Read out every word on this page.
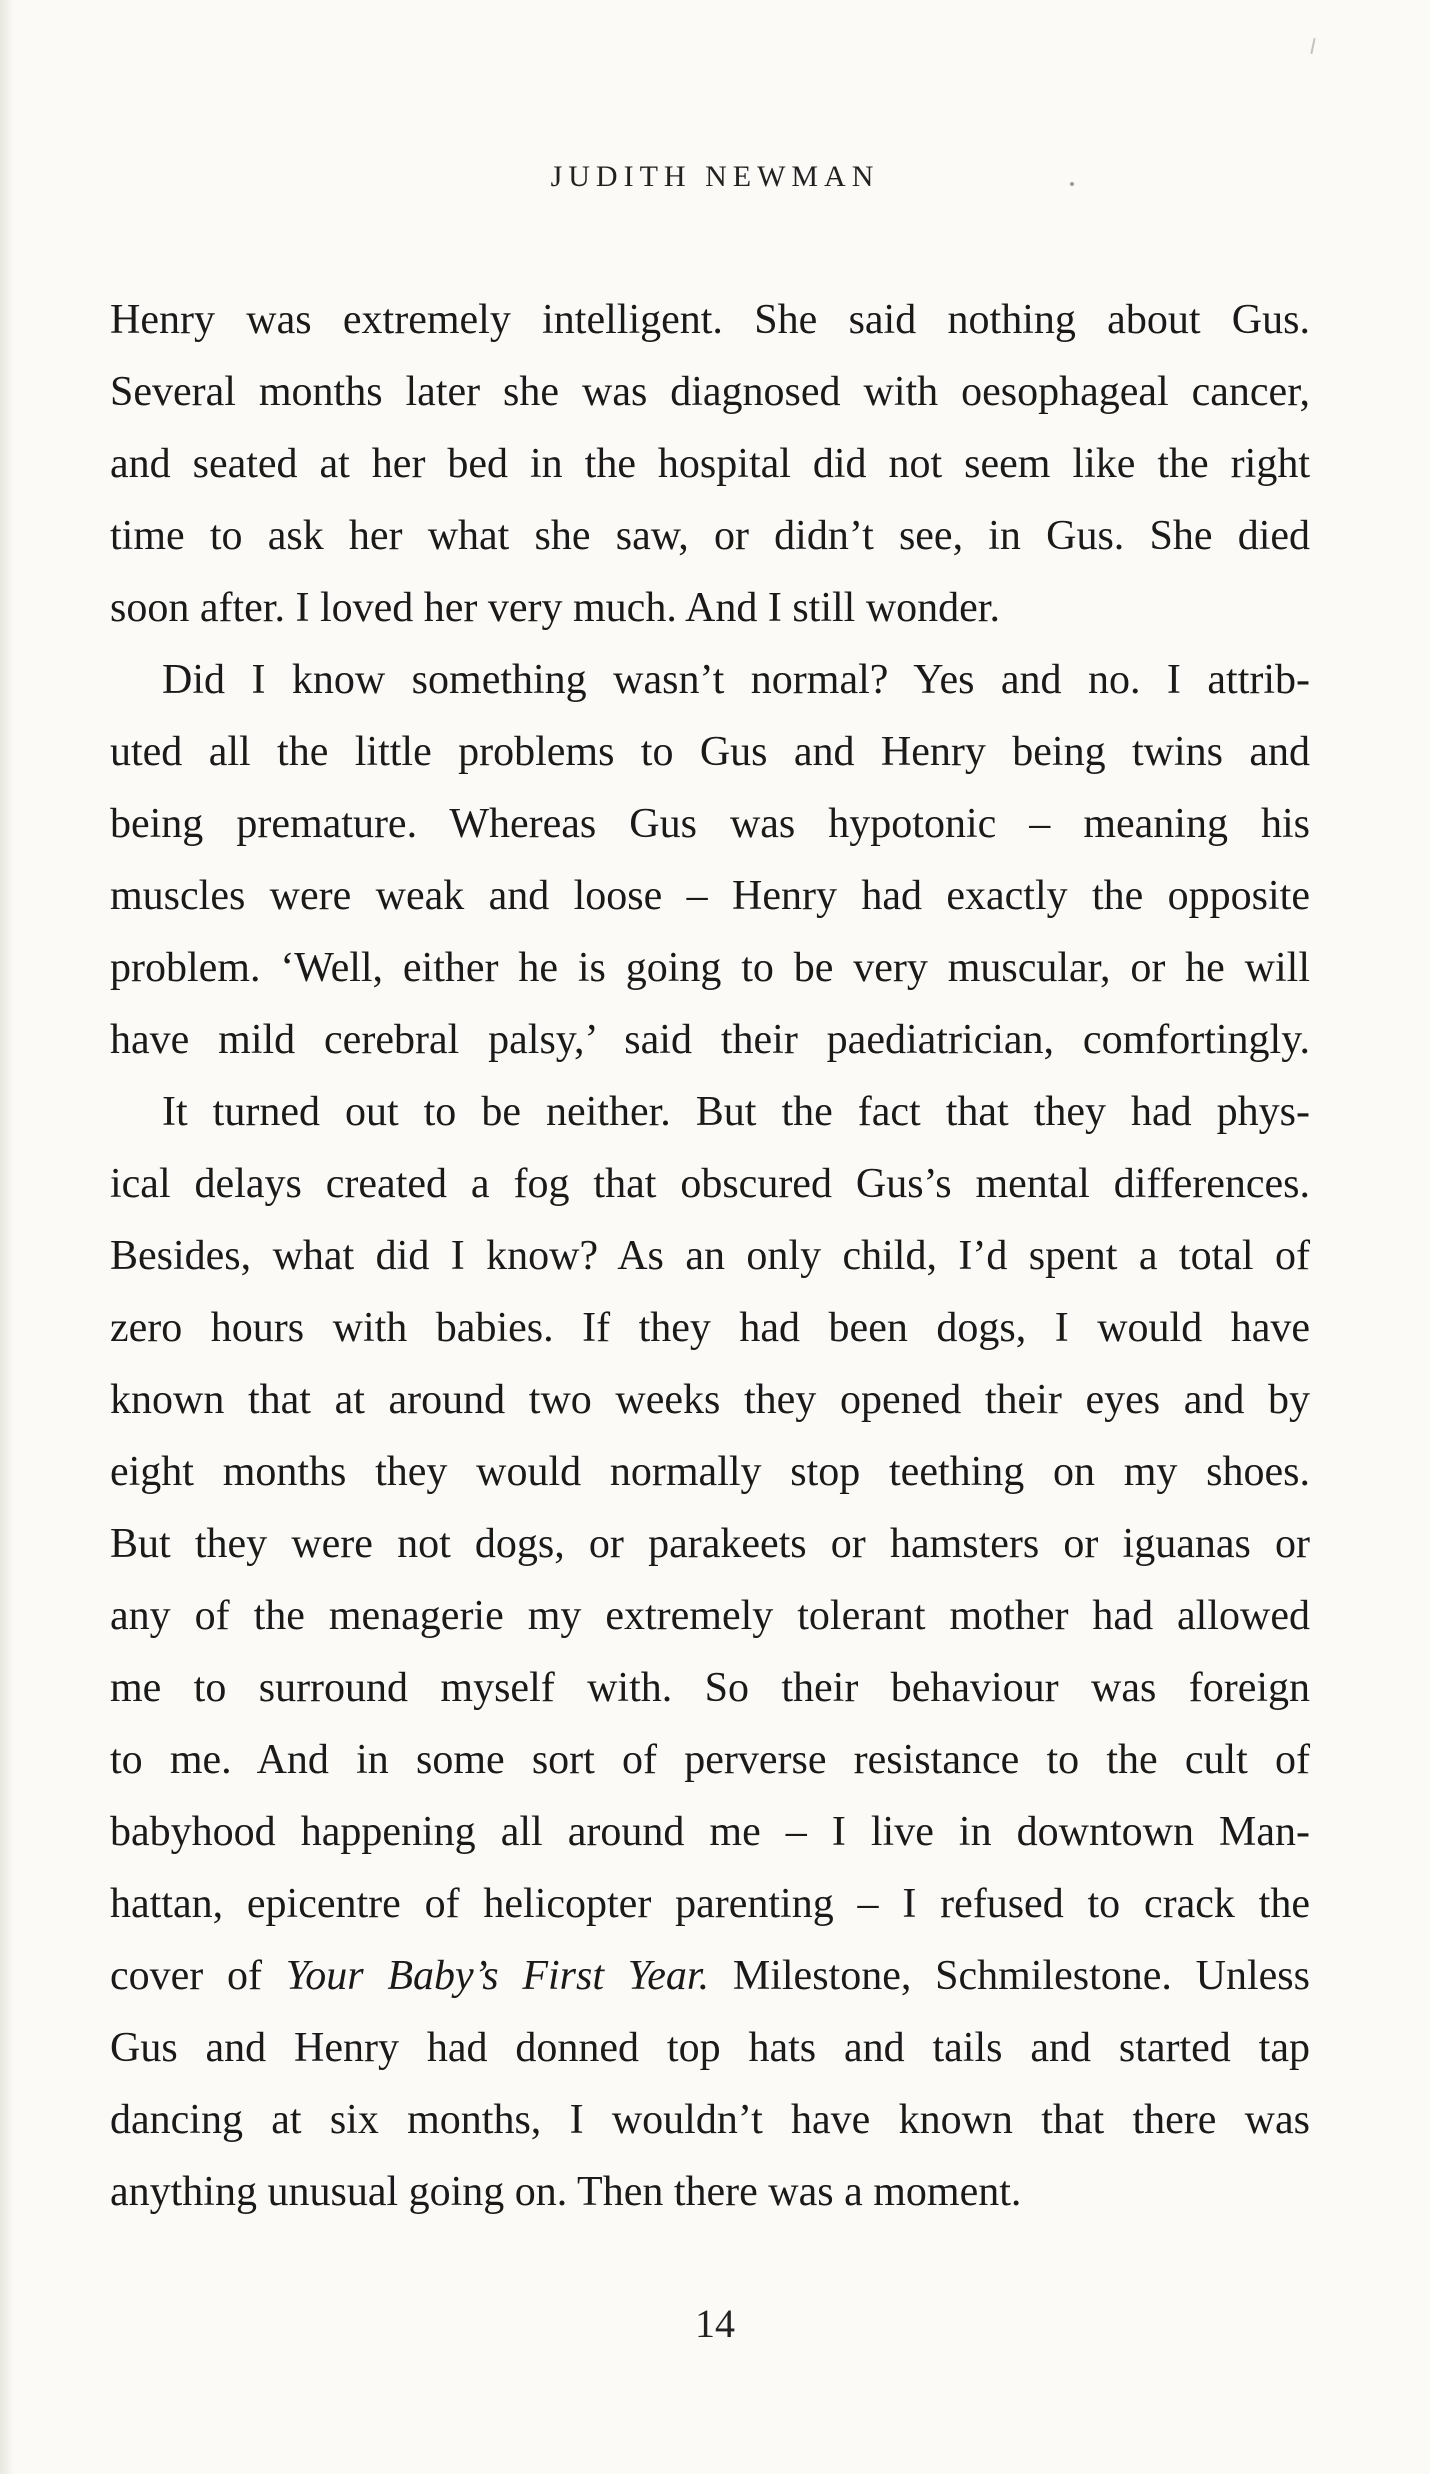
JUDITH NEWMAN
Henry was extremely intelligent. She said nothing about Gus.
Several months later she was diagnosed with oesophageal cancer,
and seated at her bed in the hospital did not seem like the right
time to ask her what she saw, or didn’t see, in Gus. She died
soon after. I loved her very much. And I still wonder.
Did I know something wasn’t normal? Yes and no. I attrib-
uted all the little problems to Gus and Henry being twins and
being premature. Whereas Gus was hypotonic – meaning his
muscles were weak and loose – Henry had exactly the opposite
problem. ‘Well, either he is going to be very muscular, or he will
have mild cerebral palsy,’ said their paediatrician, comfortingly.
It turned out to be neither. But the fact that they had phys-
ical delays created a fog that obscured Gus’s mental differences.
Besides, what did I know? As an only child, I’d spent a total of
zero hours with babies. If they had been dogs, I would have
known that at around two weeks they opened their eyes and by
eight months they would normally stop teething on my shoes.
But they were not dogs, or parakeets or hamsters or iguanas or
any of the menagerie my extremely tolerant mother had allowed
me to surround myself with. So their behaviour was foreign
to me. And in some sort of perverse resistance to the cult of
babyhood happening all around me – I live in downtown Man-
hattan, epicentre of helicopter parenting – I refused to crack the
cover of Your Baby’s First Year. Milestone, Schmilestone. Unless
Gus and Henry had donned top hats and tails and started tap
dancing at six months, I wouldn’t have known that there was
anything unusual going on. Then there was a moment.
14
